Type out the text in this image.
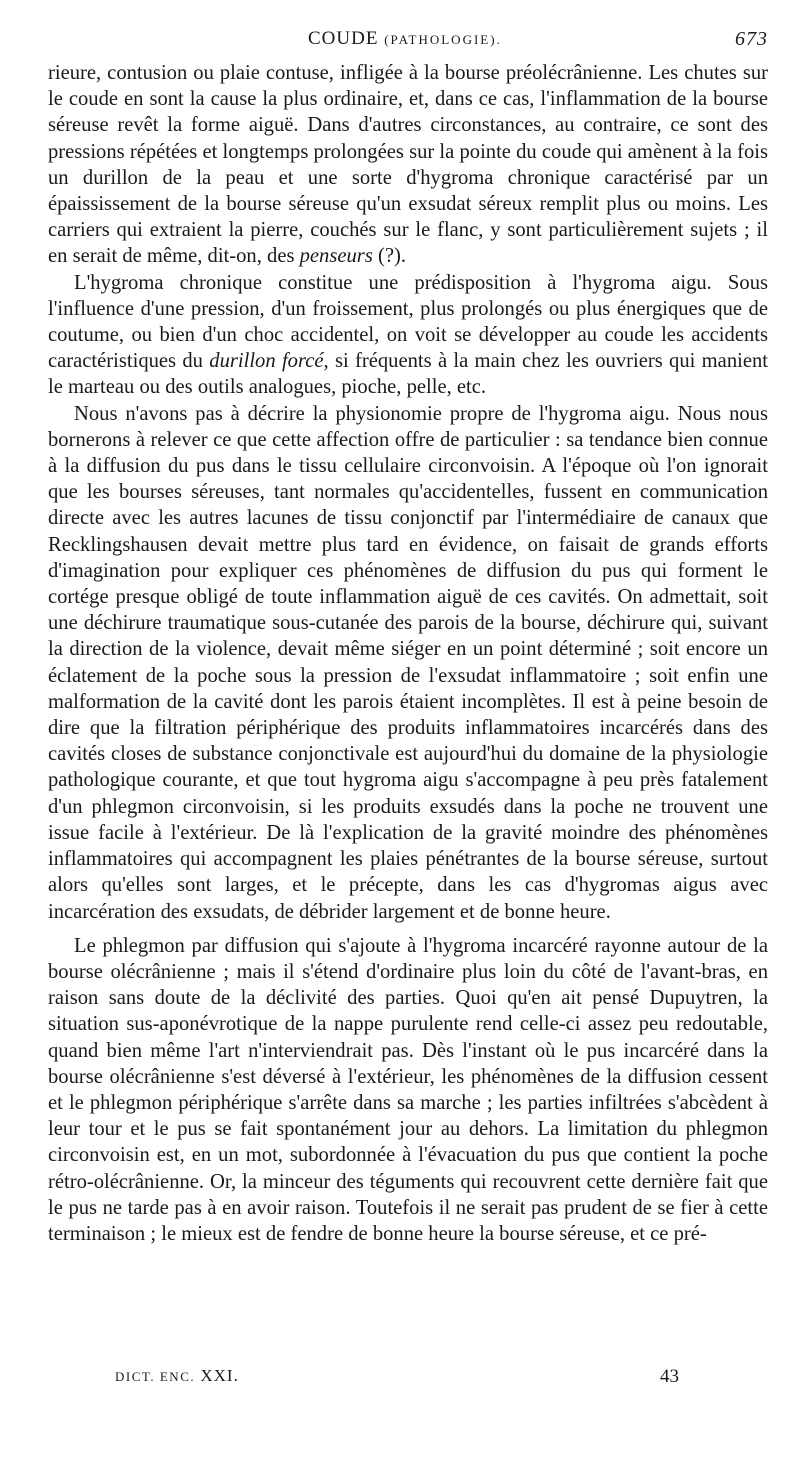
COUDE (PATHOLOGIE).	673

rieure, contusion ou plaie contuse, infligée à la bourse préolécrânienne. Les chutes sur le coude en sont la cause la plus ordinaire, et, dans ce cas, l'inflammation de la bourse séreuse revêt la forme aiguë. Dans d'autres circonstances, au contraire, ce sont des pressions répétées et longtemps prolongées sur la pointe du coude qui amènent à la fois un durillon de la peau et une sorte d'hygroma chronique caractérisé par un épaississement de la bourse séreuse qu'un exsudat séreux remplit plus ou moins. Les carriers qui extraient la pierre, couchés sur le flanc, y sont particulièrement sujets ; il en serait de même, dit-on, des penseurs (?).

L'hygroma chronique constitue une prédisposition à l'hygroma aigu. Sous l'influence d'une pression, d'un froissement, plus prolongés ou plus énergiques que de coutume, ou bien d'un choc accidentel, on voit se développer au coude les accidents caractéristiques du durillon forcé, si fréquents à la main chez les ouvriers qui manient le marteau ou des outils analogues, pioche, pelle, etc.

Nous n'avons pas à décrire la physionomie propre de l'hygroma aigu. Nous nous bornerons à relever ce que cette affection offre de particulier : sa tendance bien connue à la diffusion du pus dans le tissu cellulaire circonvoisin. A l'époque où l'on ignorait que les bourses séreuses, tant normales qu'accidentelles, fussent en communication directe avec les autres lacunes de tissu conjonctif par l'intermédiaire de canaux que Recklingshausen devait mettre plus tard en évidence, on faisait de grands efforts d'imagination pour expliquer ces phénomènes de diffusion du pus qui forment le cortége presque obligé de toute inflammation aiguë de ces cavités. On admettait, soit une déchirure traumatique sous-cutanée des parois de la bourse, déchirure qui, suivant la direction de la violence, devait même siéger en un point déterminé ; soit encore un éclatement de la poche sous la pression de l'exsudat inflammatoire ; soit enfin une malformation de la cavité dont les parois étaient incomplètes. Il est à peine besoin de dire que la filtration périphérique des produits inflammatoires incarcérés dans des cavités closes de substance conjonctivale est aujourd'hui du domaine de la physiologie pathologique courante, et que tout hygroma aigu s'accompagne à peu près fatalement d'un phlegmon circonvoisin, si les produits exsudés dans la poche ne trouvent une issue facile à l'extérieur. De là l'explication de la gravité moindre des phénomènes inflammatoires qui accompagnent les plaies pénétrantes de la bourse séreuse, surtout alors qu'elles sont larges, et le précepte, dans les cas d'hygromas aigus avec incarcération des exsudats, de débrider largement et de bonne heure.

Le phlegmon par diffusion qui s'ajoute à l'hygroma incarcéré rayonne autour de la bourse olécrânienne ; mais il s'étend d'ordinaire plus loin du côté de l'avant-bras, en raison sans doute de la déclivité des parties. Quoi qu'en ait pensé Dupuytren, la situation sus-aponévrotique de la nappe purulente rend celle-ci assez peu redoutable, quand bien même l'art n'interviendrait pas. Dès l'instant où le pus incarcéré dans la bourse olécrânienne s'est déversé à l'extérieur, les phénomènes de la diffusion cessent et le phlegmon périphérique s'arrête dans sa marche ; les parties infiltrées s'abcèdent à leur tour et le pus se fait spontanément jour au dehors. La limitation du phlegmon circonvoisin est, en un mot, subordonnée à l'évacuation du pus que contient la poche rétro-olécrânienne. Or, la minceur des téguments qui recouvrent cette dernière fait que le pus ne tarde pas à en avoir raison. Toutefois il ne serait pas prudent de se fier à cette terminaison ; le mieux est de fendre de bonne heure la bourse séreuse, et ce pré-

DICT. ENC. XXI.	43
